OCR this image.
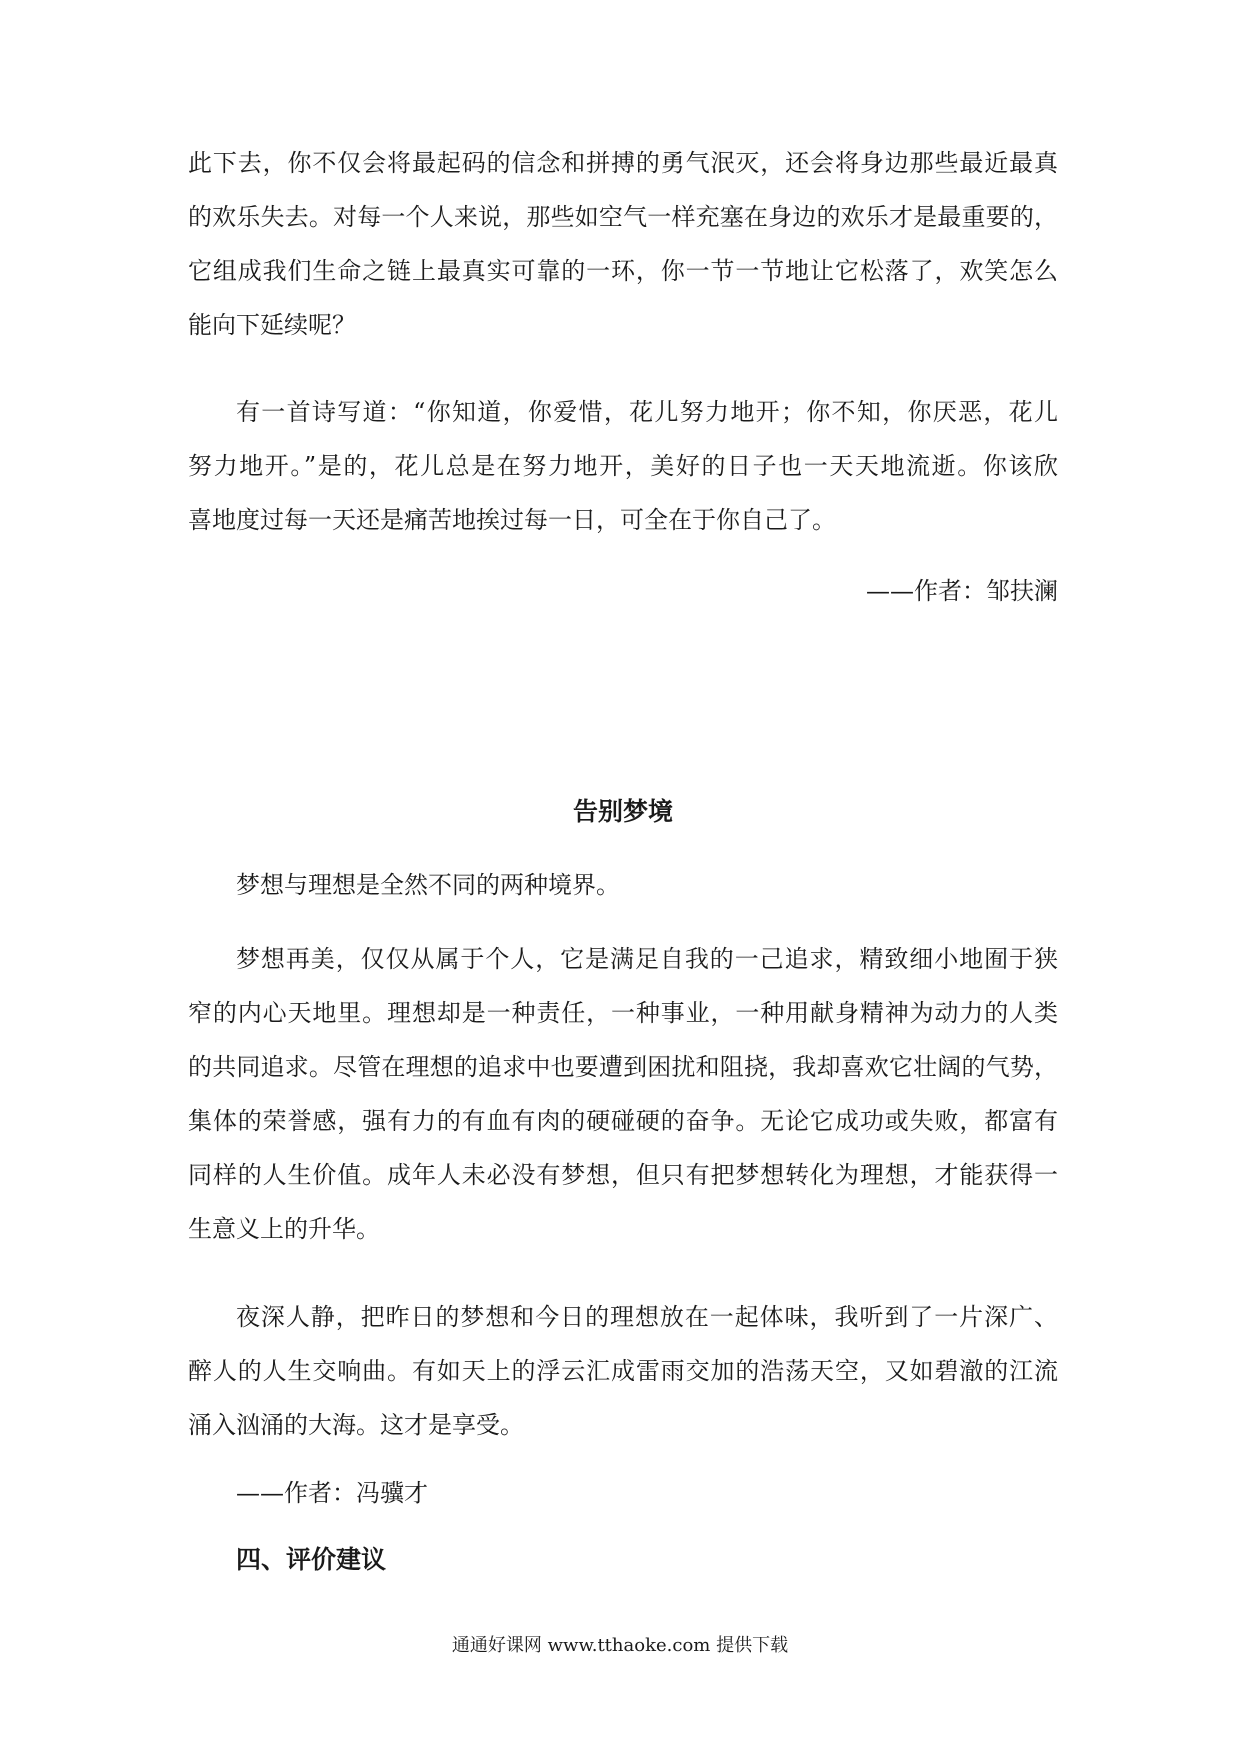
此下去，你不仅会将最起码的信念和拼搏的勇气泯灭，还会将身边那些最近最真
的欢乐失去。对每一个人来说，那些如空气一样充塞在身边的欢乐才是最重要的，
它组成我们生命之链上最真实可靠的一环，你一节一节地让它松落了，欢笑怎么
能向下延续呢？
有一首诗写道：“你知道，你爱惜，花儿努力地开；你不知，你厌恶，花儿
努力地开。”是的，花儿总是在努力地开，美好的日子也一天天地流逝。你该欣
喜地度过每一天还是痛苦地挨过每一日，可全在于你自己了。
——作者：邹扶澜
告别梦境
梦想与理想是全然不同的两种境界。
梦想再美，仅仅从属于个人，它是满足自我的一己追求，精致细小地囿于狭
窄的内心天地里。理想却是一种责任，一种事业，一种用献身精神为动力的人类
的共同追求。尽管在理想的追求中也要遭到困扰和阻挠，我却喜欢它壮阔的气势，
集体的荣誉感，强有力的有血有肉的硬碰硬的奋争。无论它成功或失败，都富有
同样的人生价值。成年人未必没有梦想，但只有把梦想转化为理想，才能获得一
生意义上的升华。
夜深人静，把昨日的梦想和今日的理想放在一起体味，我听到了一片深广、
醉人的人生交响曲。有如天上的浮云汇成雷雨交加的浩荡天空，又如碧澈的江流
涌入汹涌的大海。这才是享受。
——作者：冯骥才
四、评价建议
通通好课网 www.tthaoke.com 提供下载
